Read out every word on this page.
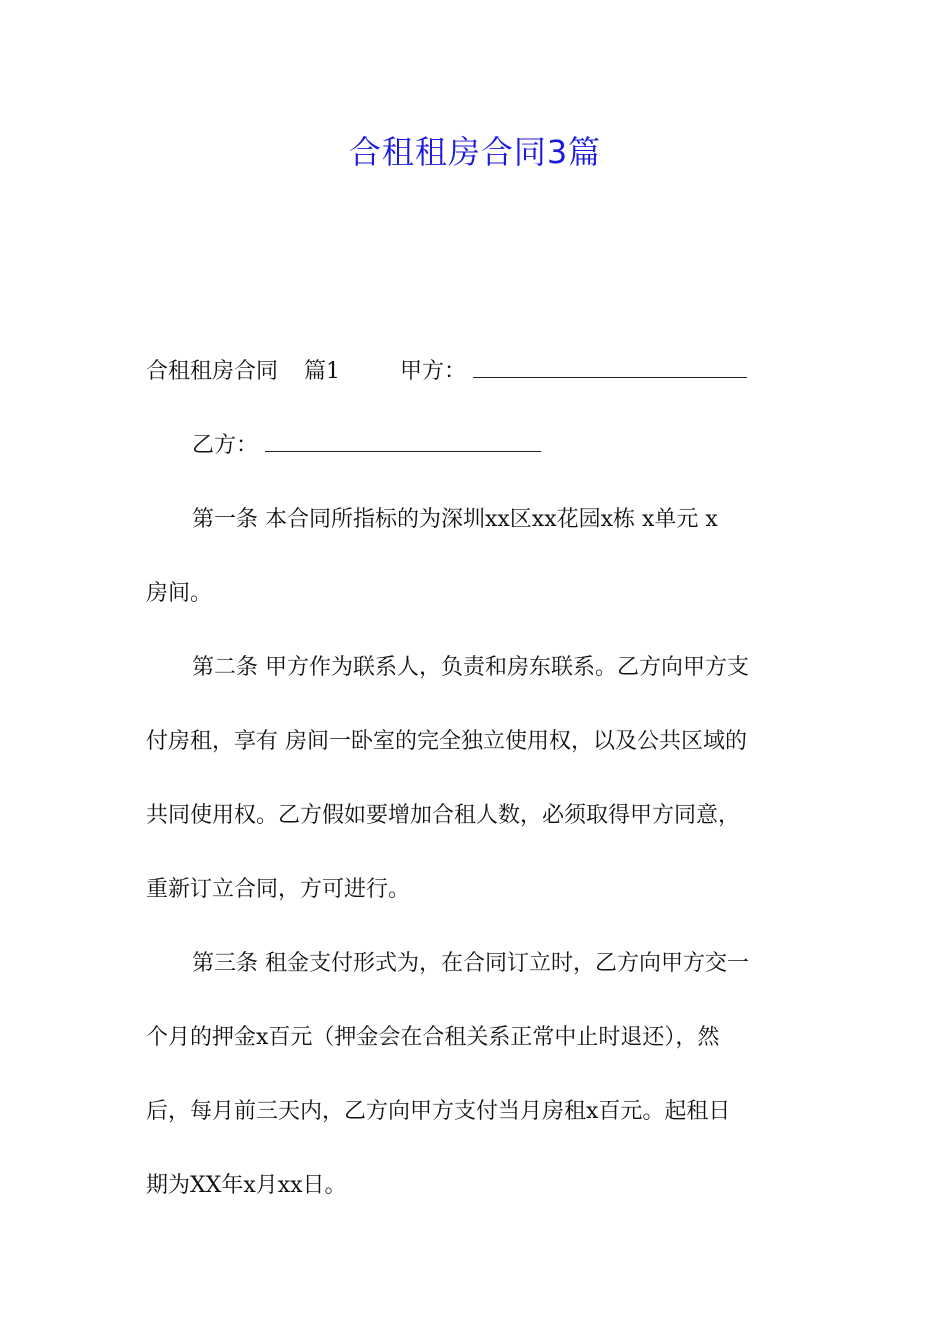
合租租房合同3篇
合租租房合同 篇1	甲方：
乙方：
第一条 本合同所指标的为深圳xx区xx花园x栋 x单元 x
房间。
第二条 甲方作为联系人，负责和房东联系。乙方向甲方支
付房租，享有 房间一卧室的完全独立使用权，以及公共区域的
共同使用权。乙方假如要增加合租人数，必须取得甲方同意，
重新订立合同，方可进行。
第三条 租金支付形式为，在合同订立时，乙方向甲方交一
个月的押金x百元（押金会在合租关系正常中止时退还），然
后，每月前三天内，乙方向甲方支付当月房租x百元。起租日
期为XX年x月xx日。
